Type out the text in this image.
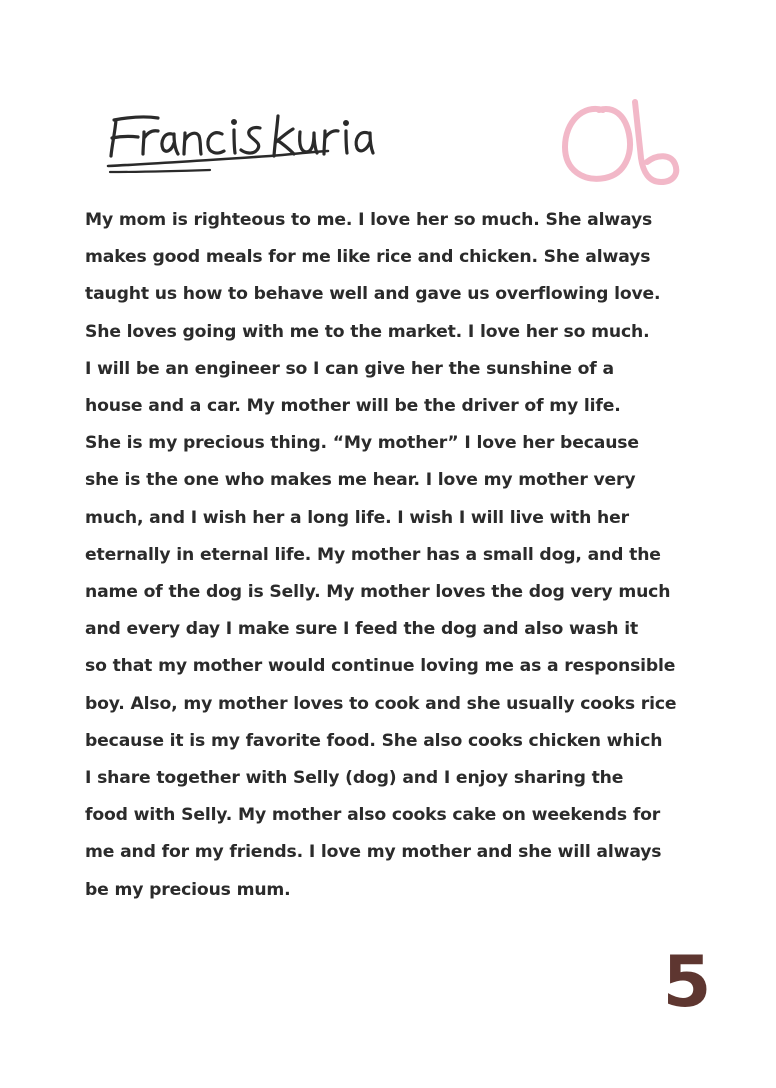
My mom is righteous to me. I love her so much. She always
makes good meals for me like rice and chicken. She always
taught us how to behave well and gave us overflowing love.
She loves going with me to the market. I love her so much.
I will be an engineer so I can give her the sunshine of a
house and a car. My mother will be the driver of my life.
She is my precious thing. “My mother” I love her because
she is the one who makes me hear. I love my mother very
much, and I wish her a long life. I wish I will live with her
eternally in eternal life. My mother has a small dog, and the
name of the dog is Selly. My mother loves the dog very much
and every day I make sure I feed the dog and also wash it
so that my mother would continue loving me as a responsible
boy. Also, my mother loves to cook and she usually cooks rice
because it is my favorite food. She also cooks chicken which
I share together with Selly (dog) and I enjoy sharing the
food with Selly. My mother also cooks cake on weekends for
me and for my friends. I love my mother and she will always
be my precious mum.
5
